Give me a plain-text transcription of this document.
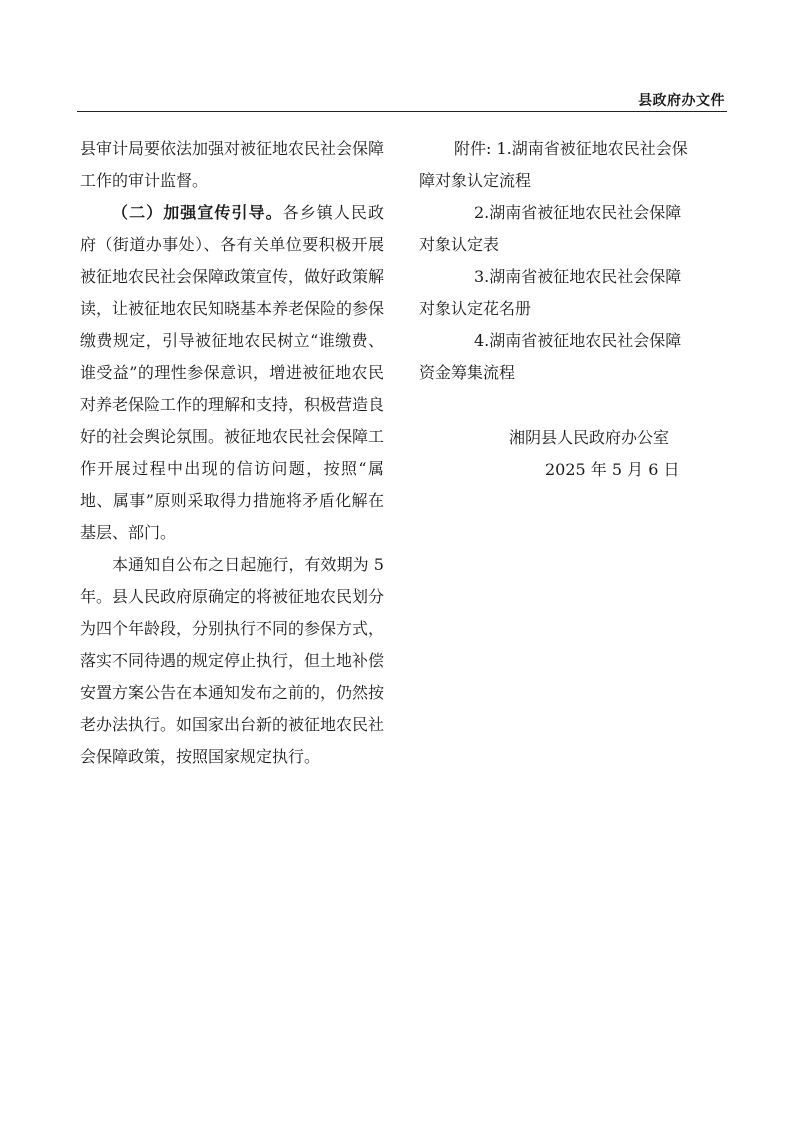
县政府办文件

县审计局要依法加强对被征地农民社会保障工作的审计监督。

（二）加强宣传引导。各乡镇人民政府（街道办事处）、各有关单位要积极开展被征地农民社会保障政策宣传，做好政策解读，让被征地农民知晓基本养老保险的参保缴费规定，引导被征地农民树立“谁缴费、谁受益”的理性参保意识，增进被征地农民对养老保险工作的理解和支持，积极营造良好的社会舆论氛围。被征地农民社会保障工作开展过程中出现的信访问题，按照“属地、属事”原则采取得力措施将矛盾化解在基层、部门。

本通知自公布之日起施行，有效期为 5 年。县人民政府原确定的将被征地农民划分为四个年龄段，分别执行不同的参保方式，落实不同待遇的规定停止执行，但土地补偿安置方案公告在本通知发布之前的，仍然按老办法执行。如国家出台新的被征地农民社会保障政策，按照国家规定执行。

附件: 1.湖南省被征地农民社会保

障对象认定流程

2.湖南省被征地农民社会保障

对象认定表

3.湖南省被征地农民社会保障

对象认定花名册

4.湖南省被征地农民社会保障

资金筹集流程

湘阴县人民政府办公室
2025 年 5 月 6 日
